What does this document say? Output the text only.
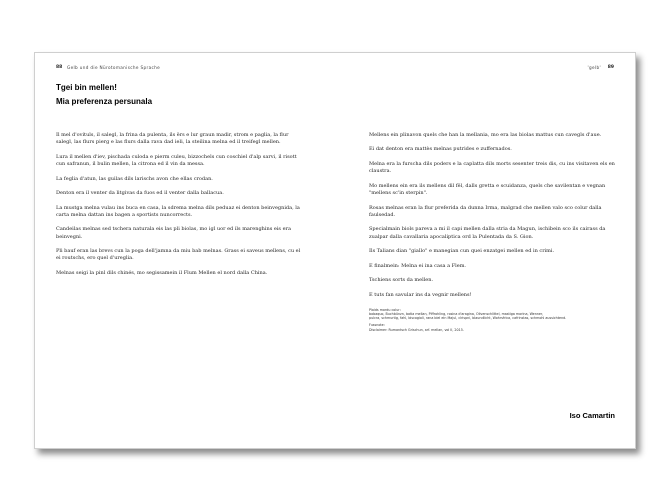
88 Gelb und die Nürotomanische Sprache	'gelb' 89
Tgei bin mellen!
Mia preferenza persunala

Il mel d'ovituls, il salegl, la frina da pulenta, ils ërs e lur graun madir, strom e paglia, la flur salegl, las flurs pierg e las flurs dalla rava dad ieli, la steilina melna ed il treifegl mellen.

Lura il mellen d'iev, pischada culoda e pierm culeu, bizzochels cun coschiel d'alp sarvi, il risott cun safranun, il bulin mellen, la citrona ed il vin da messa.

La feglia d'atun, las guilas dils larischs avon che ellas crodan.

Denton era il venter da litgivas da fuos ed il venter dalla ballacua.

La mustga melna vulau ins buca en casa, la sdrema melna dils peduaz ei denton beinvegnida, la carta melna dattan ins bagen a sportists nuncorrects.

Candeilas melnas sed tschera naturala eis las pli biolas, mo igl uor ed ils marenghins eis era beinvegni.

Pli bauf eran las brevs cun la poga dell'jamna da miu bab melnas. Grass ei saveus mellens, cu el ei routschs, ero quel d'ureglia.

Melnas seigi la pinl dils chinés, mo segissamein il Flum Mellen el nord dalla China.

Mellens ein plinavon quels che han la mellania, mo era las biolas mattus cun cavegls d'aue.

Ei dat denton era mattès melnas putrides e zuffernados.

Melna era la furscha dils poders e la caplatta dils morts sesenter treis dis, cu ins visitaven els en claustra.

Mo mellens ein era ils mellens dil fël, dalls gretta e scuidanza, quels che savilentan e vegnan "mellens sc'in sterpin".

Rosas melnas eran la flur preferida da dunna Irma, malgrad che mellen valo sco colur dalla faulsedad.

Specialmain biols pareva a mi il capi mellen dalla stria da Magun, ischibein sco ils cairass da zualpar dalla cavallaria apocaliptica ord la Pulentada da S. Gion.

Ils Talians dian "giallo" e manegian cun quei enzatgei mellen ed in crimi.

E finalmein: Melna ei ina casa a Flem.

Tschiens sorts da mellen.

E tuts fan savular ins da vegnir mellens!

Plaids mordu colur:
bobaquo, Buchbünzn, batia mellan, Plffrohling, rosina d'aragina, Olivenschlittel, mastiga morina, Wenner,
pulcra, schmurtig, fahl, biscogioli, rana biel ein Majul, clrispni, blaundlicht, Wohrsfrica, cafrinstas, schmohl aussichtend.
Fussnote:
Disclaimer: Rumantsch Grischun, arf. mellan, vol II, 2015.
Iso Camartin
